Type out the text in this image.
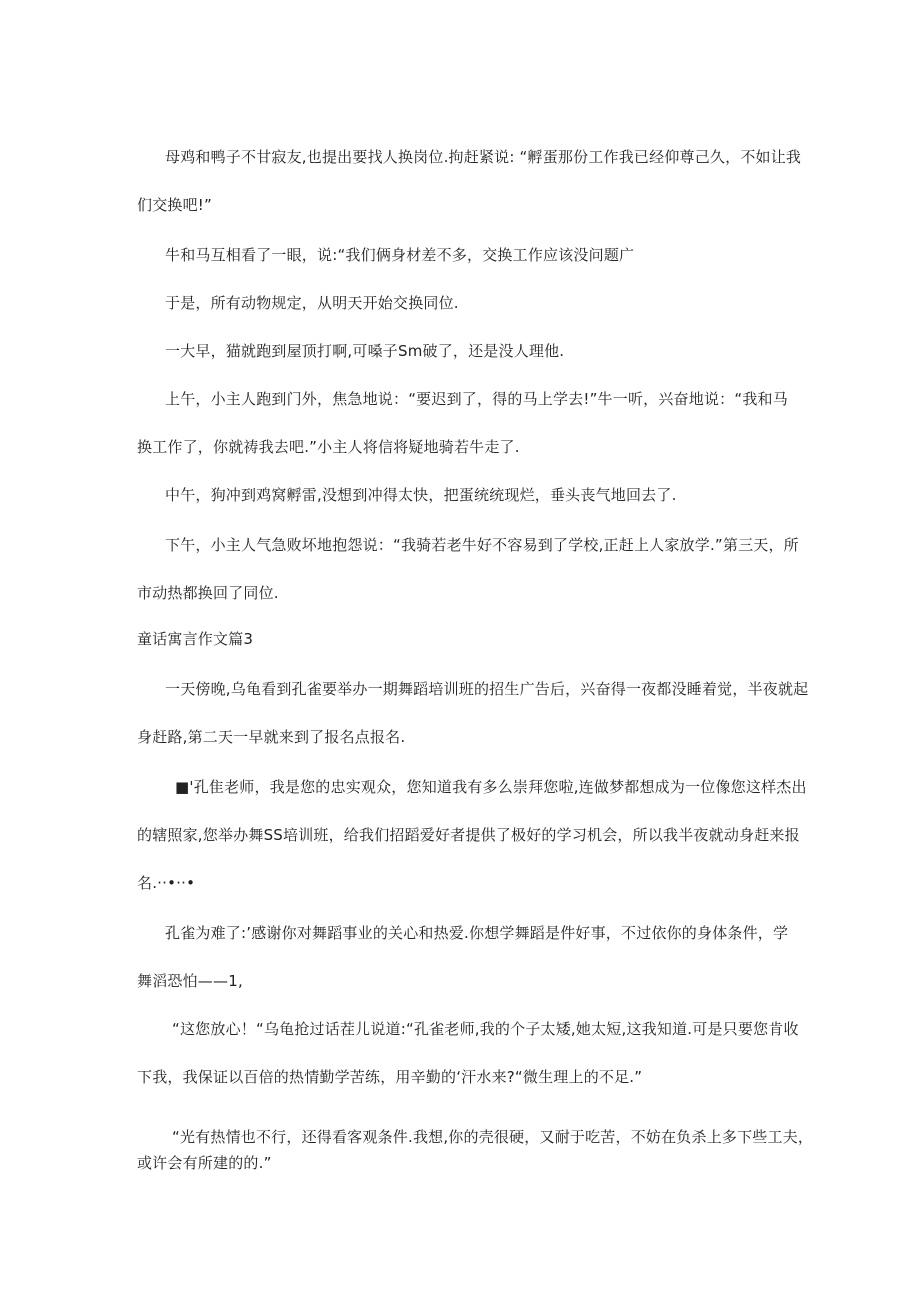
母鸡和鸭子不甘寂友,也提出要找人换岗位.拘赶紧说: “孵蛋那份工作我已经仰尊己久，不如让我

们交换吧!”

牛和马互相看了一眼，说:“我们俩身材差不多，交换工作应该没问题广

于是，所有动物规定，从明天开始交换同位.

一大早，猫就跑到屋顶打啊,可嗓子Sm破了，还是没人理他.

上午，小主人跑到门外，焦急地说：“要迟到了，得的马上学去!”牛一听，兴奋地说：“我和马

换工作了，你就祷我去吧.”小主人将信将疑地骑若牛走了.

中午，狗冲到鸡窝孵雷,没想到冲得太快，把蛋统统现烂，垂头丧气地回去了.

下午，小主人气急败坏地抱怨说：“我骑若老牛好不容易到了学校,正赶上人家放学.”第三天，所

市动热都换回了同位.

童话寓言作文篇3

一天傍晚,乌龟看到孔雀要举办一期舞蹈培训班的招生广告后，兴奋得一夜都没睡着觉，半夜就起

身赶路,第二天一早就来到了报名点报名.

■'孔隹老师，我是您的忠实观众，您知道我有多么崇拜您啦,连做梦都想成为一位像您这样杰出

的辖照家,您举办舞SS培训班，给我们招蹈爱好者提供了极好的学习机会，所以我半夜就动身赶来报

名.··•··•

孔雀为难了:’感谢你对舞蹈事业的关心和热爱.你想学舞蹈是件好事，不过依你的身体条件，学

舞滔恐怕——1,

“这您放心！“乌龟抢过话茬儿说道:“孔雀老师,我的个子太矮,她太短,这我知道.可是只要您肯收

下我，我保证以百倍的热情勤学苦练，用辛勤的‘汗水来?“微生理上的不足.”

“光有热情也不行，还得看客观条件.我想,你的壳很硬，又耐于吃苦，不妨在负杀上多下些工夫，

或许会有所建的的.”
